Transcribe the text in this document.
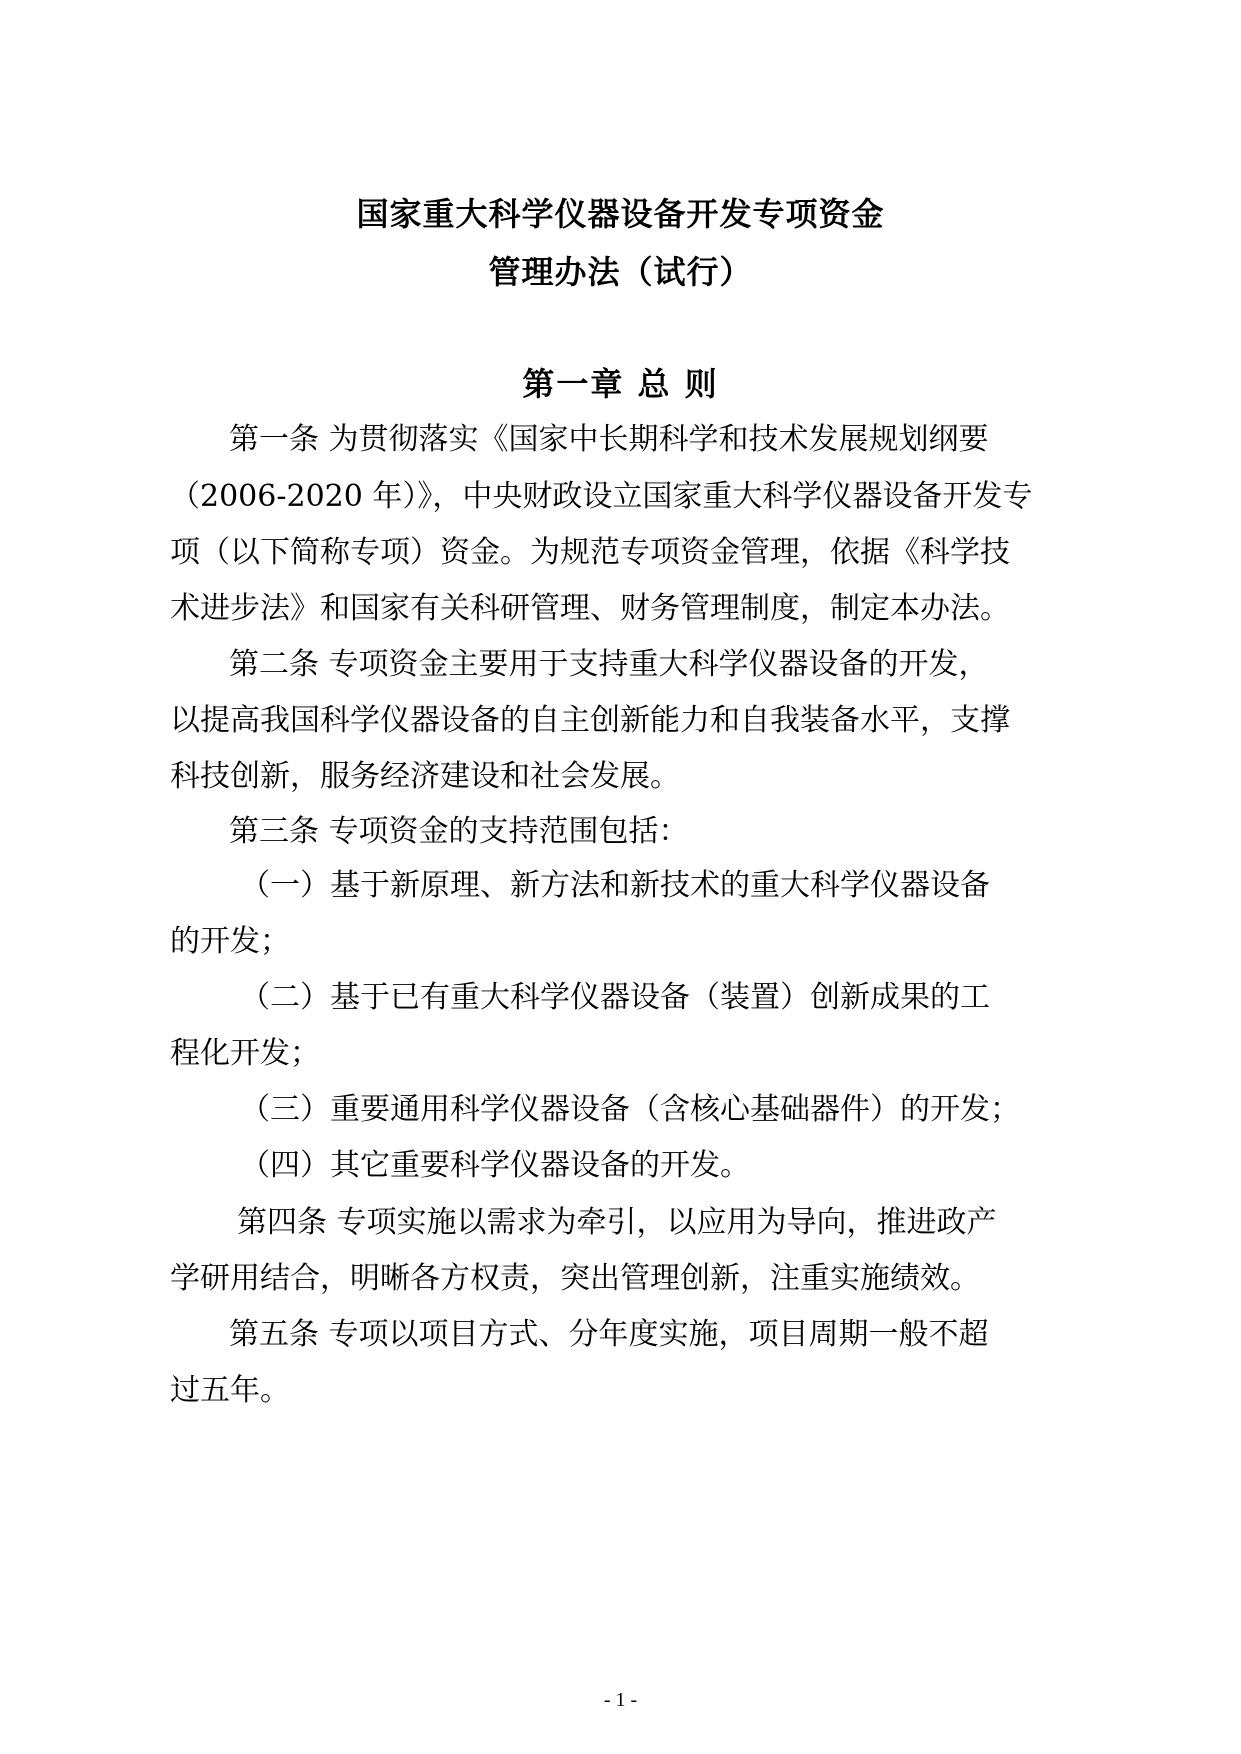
国家重大科学仪器设备开发专项资金
管理办法（试行）
第一章 总 则
第一条 为贯彻落实《国家中长期科学和技术发展规划纲要
（2006-2020 年）》，中央财政设立国家重大科学仪器设备开发专
项（以下简称专项）资金。为规范专项资金管理，依据《科学技
术进步法》和国家有关科研管理、财务管理制度，制定本办法。
第二条 专项资金主要用于支持重大科学仪器设备的开发，
以提高我国科学仪器设备的自主创新能力和自我装备水平，支撑
科技创新，服务经济建设和社会发展。
第三条 专项资金的支持范围包括：
（一）基于新原理、新方法和新技术的重大科学仪器设备
的开发；
（二）基于已有重大科学仪器设备（装置）创新成果的工
程化开发；
（三）重要通用科学仪器设备（含核心基础器件）的开发；
（四）其它重要科学仪器设备的开发。
第四条 专项实施以需求为牵引，以应用为导向，推进政产
学研用结合，明晰各方权责，突出管理创新，注重实施绩效。
第五条 专项以项目方式、分年度实施，项目周期一般不超
过五年。
- 1 -
